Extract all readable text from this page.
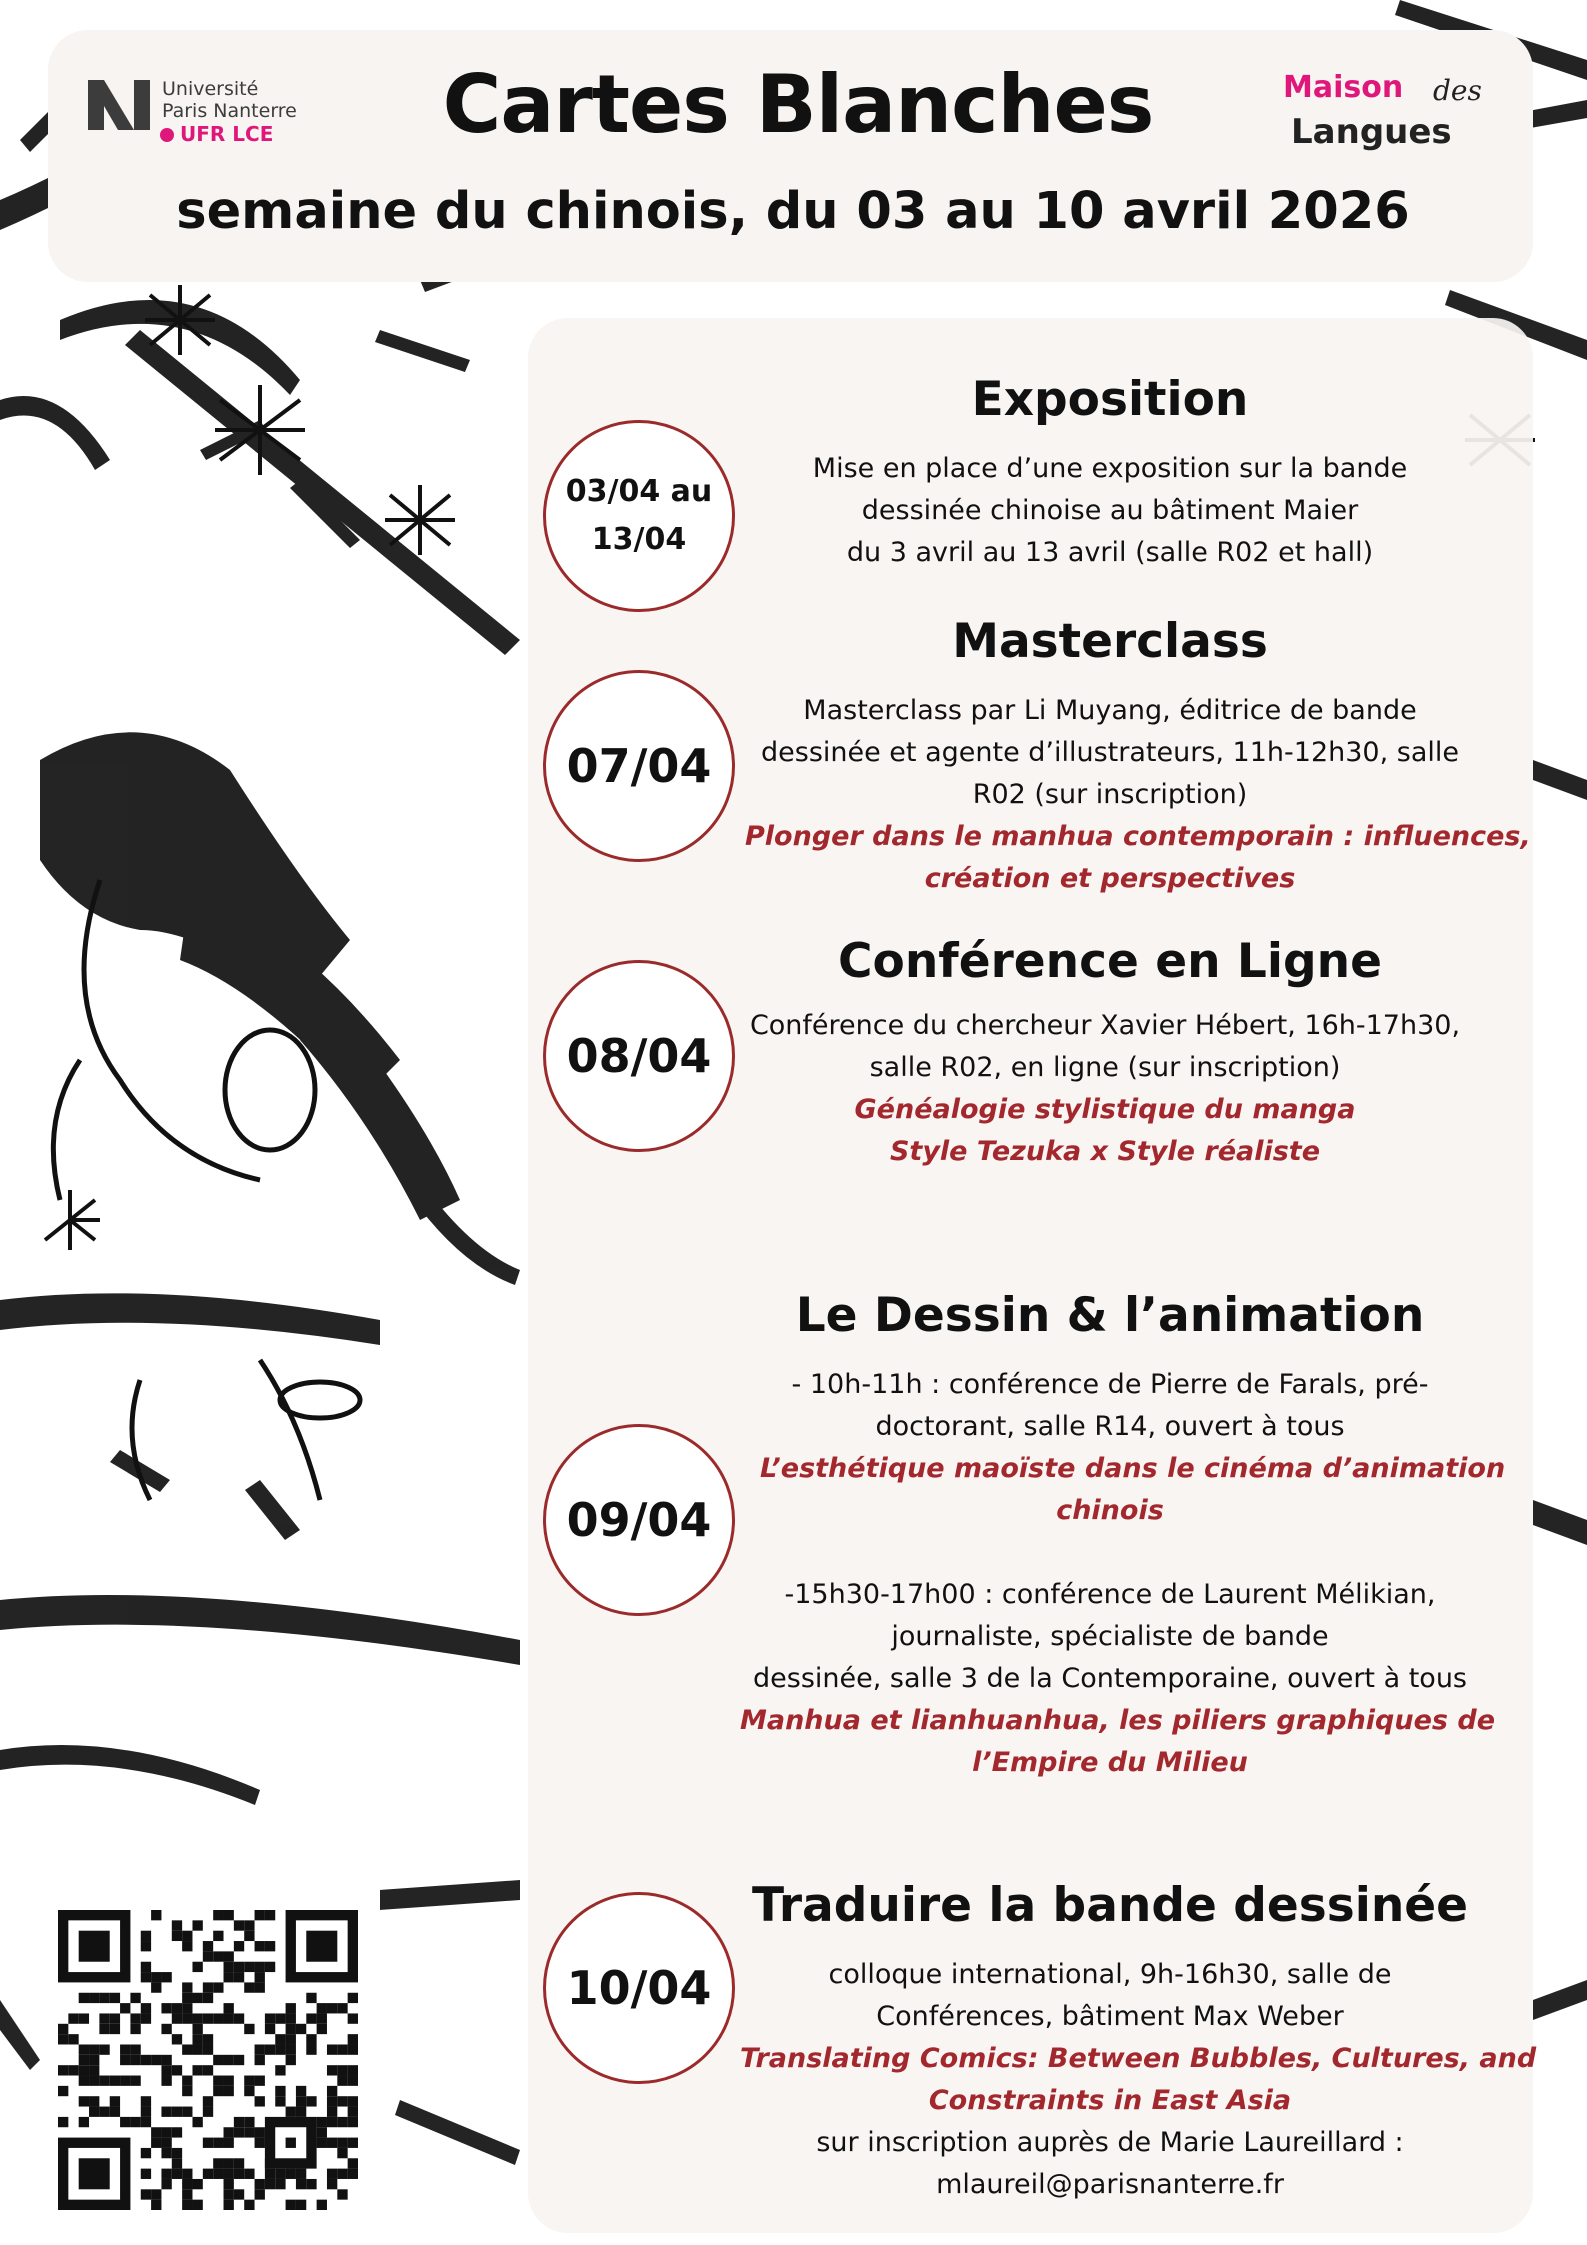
Université
Paris Nanterre
UFR LCE	Cartes Blanches
semaine du chinois, du 03 au 10 avril 2026
Maison des
Langues
03/04 au
13/04
Exposition
Mise en place d’une exposition sur la bande
dessinée chinoise au bâtiment Maier
du 3 avril au 13 avril (salle R02 et hall)
07/04
Masterclass
Masterclass par Li Muyang, éditrice de bande
dessinée et agente d’illustrateurs, 11h-12h30, salle
R02 (sur inscription)
Plonger dans le manhua contemporain : influences,
création et perspectives
08/04
Conférence en Ligne
Conférence du chercheur Xavier Hébert, 16h-17h30,
salle R02, en ligne (sur inscription)
Généalogie stylistique du manga
Style Tezuka x Style réaliste
09/04
Le Dessin & l’animation
- 10h-11h : conférence de Pierre de Farals, pré-
doctorant, salle R14, ouvert à tous
L’esthétique maoïste dans le cinéma d’animation
chinois
-15h30-17h00 : conférence de Laurent Mélikian,
journaliste, spécialiste de bande
dessinée, salle 3 de la Contemporaine, ouvert à tous
Manhua et lianhuanhua, les piliers graphiques de
l’Empire du Milieu
10/04
Traduire la bande dessinée
colloque international, 9h-16h30, salle de
Conférences, bâtiment Max Weber
Translating Comics: Between Bubbles, Cultures, and
Constraints in East Asia
sur inscription auprès de Marie Laureillard :
mlaureil@parisnanterre.fr
